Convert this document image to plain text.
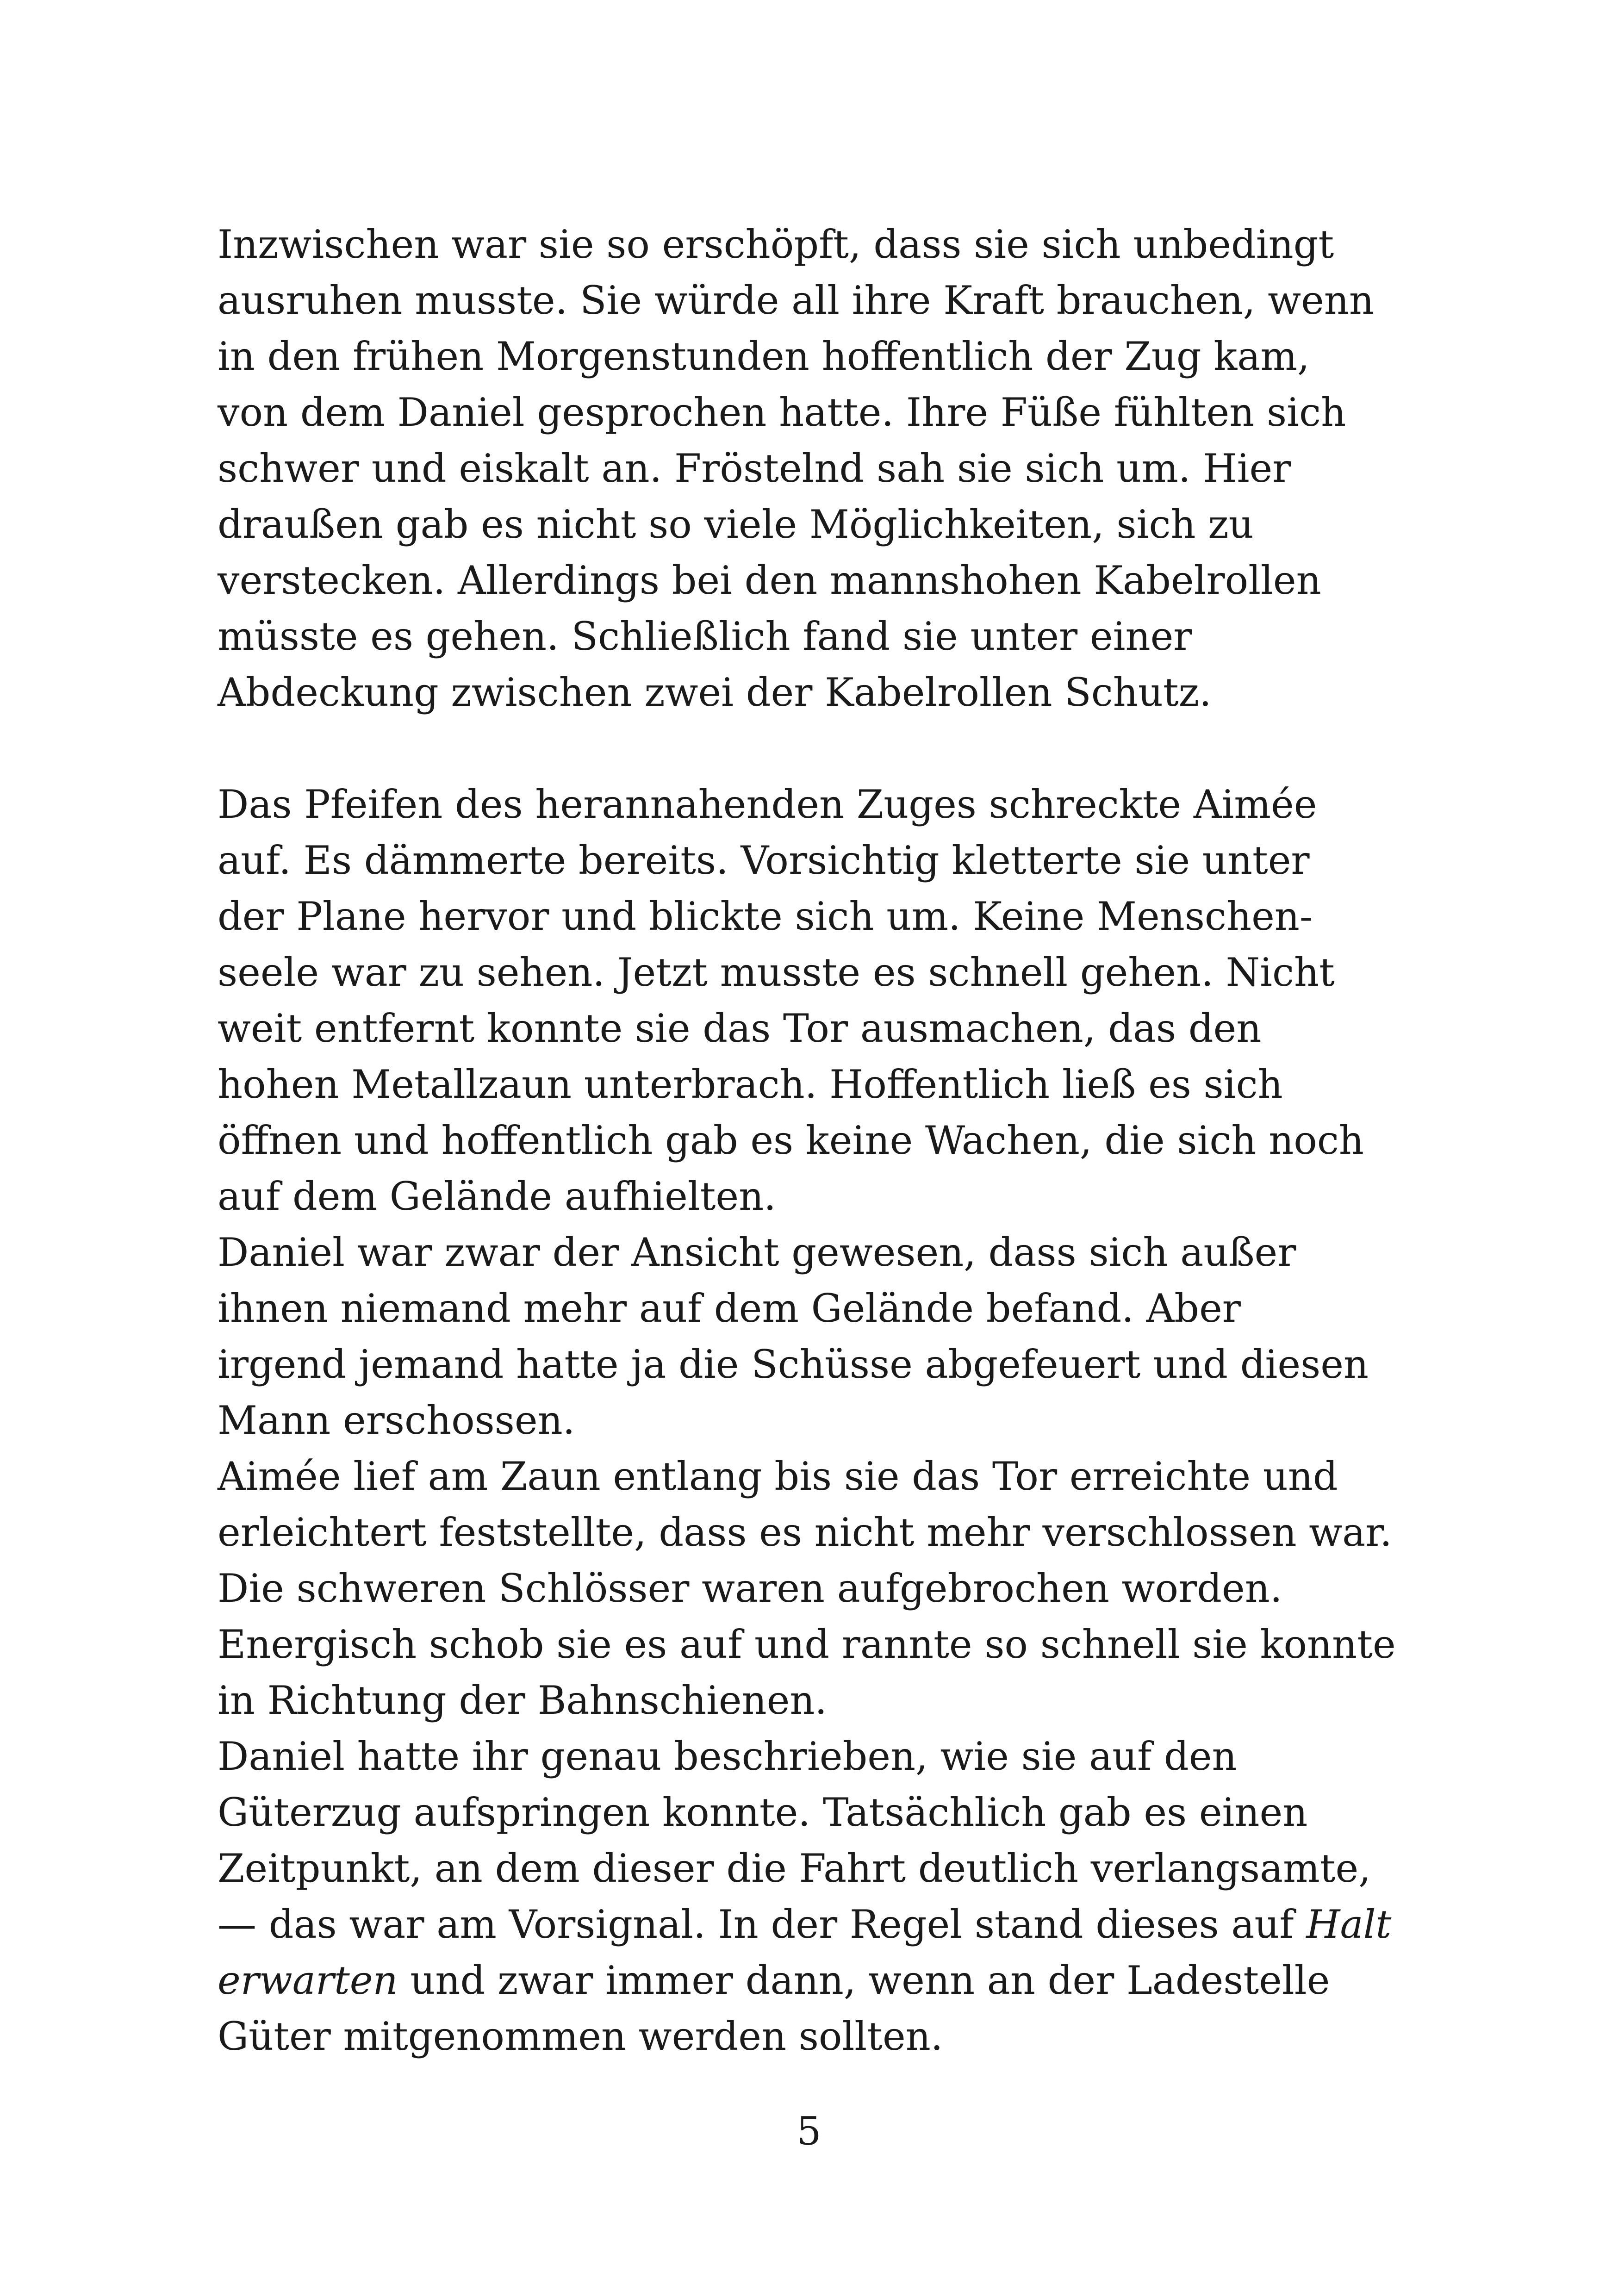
Inzwischen war sie so erschöpft, dass sie sich unbedingt
ausruhen musste. Sie würde all ihre Kraft brauchen, wenn
in den frühen Morgenstunden hoffentlich der Zug kam,
von dem Daniel gesprochen hatte. Ihre Füße fühlten sich
schwer und eiskalt an. Fröstelnd sah sie sich um. Hier
draußen gab es nicht so viele Möglichkeiten, sich zu
verstecken. Allerdings bei den mannshohen Kabelrollen
müsste es gehen. Schließlich fand sie unter einer
Abdeckung zwischen zwei der Kabelrollen Schutz.
Das Pfeifen des herannahenden Zuges schreckte Aimée
auf. Es dämmerte bereits. Vorsichtig kletterte sie unter
der Plane hervor und blickte sich um. Keine Menschen-
seele war zu sehen. Jetzt musste es schnell gehen. Nicht
weit entfernt konnte sie das Tor ausmachen, das den
hohen Metallzaun unterbrach. Hoffentlich ließ es sich
öffnen und hoffentlich gab es keine Wachen, die sich noch
auf dem Gelände aufhielten.
Daniel war zwar der Ansicht gewesen, dass sich außer
ihnen niemand mehr auf dem Gelände befand. Aber
irgend jemand hatte ja die Schüsse abgefeuert und diesen
Mann erschossen.
Aimée lief am Zaun entlang bis sie das Tor erreichte und
erleichtert feststellte, dass es nicht mehr verschlossen war.
Die schweren Schlösser waren aufgebrochen worden.
Energisch schob sie es auf und rannte so schnell sie konnte
in Richtung der Bahnschienen.
Daniel hatte ihr genau beschrieben, wie sie auf den
Güterzug aufspringen konnte. Tatsächlich gab es einen
Zeitpunkt, an dem dieser die Fahrt deutlich verlangsamte,
— das war am Vorsignal. In der Regel stand dieses auf Halt
erwarten und zwar immer dann, wenn an der Ladestelle
Güter mitgenommen werden sollten.
5
